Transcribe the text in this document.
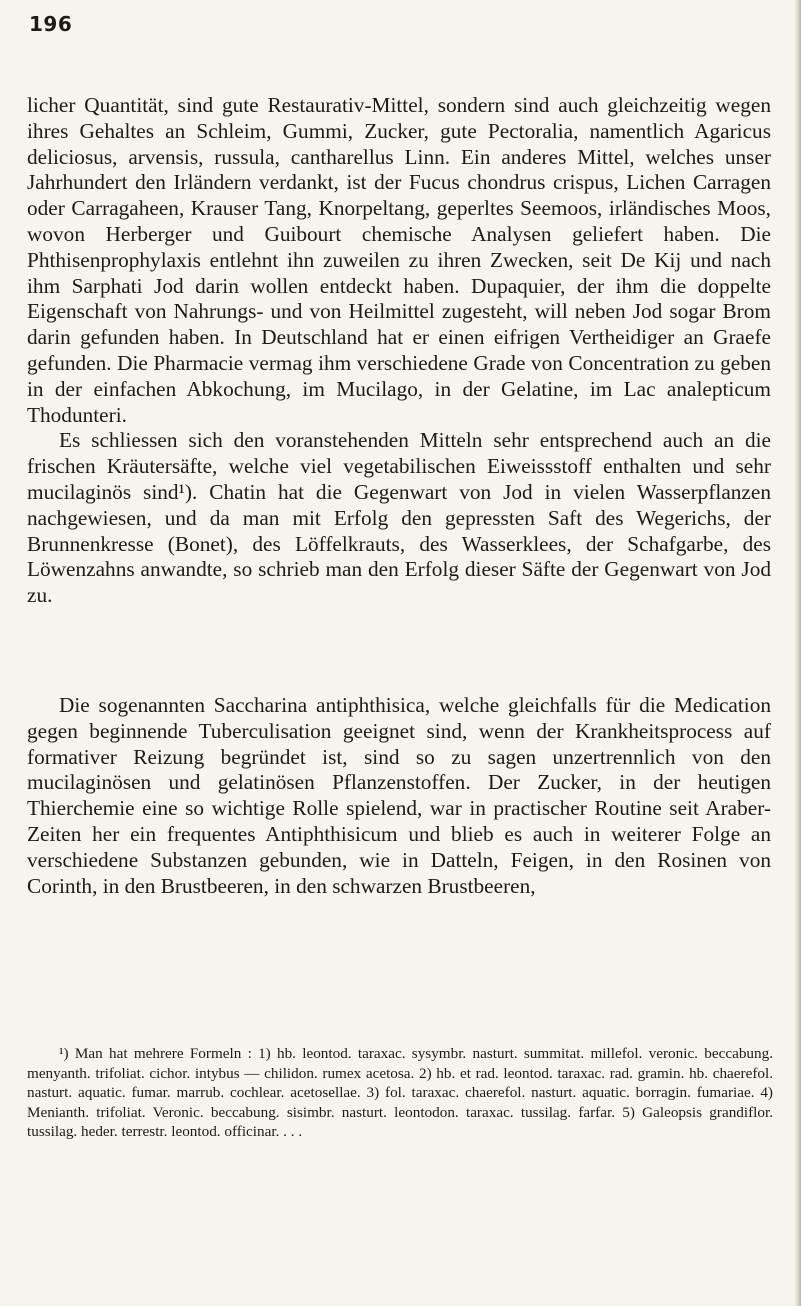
196

licher Quantität, sind gute Restaurativ-Mittel, sondern sind auch gleichzeitig wegen ihres Gehaltes an Schleim, Gummi, Zucker, gute Pectoralia, namentlich Agaricus deliciosus, arvensis, russula, cantharellus Linn. Ein anderes Mittel, welches unser Jahrhundert den Irländern verdankt, ist der Fucus chondrus crispus, Lichen Carragen oder Carragaheen, Krauser Tang, Knorpeltang, geperltes Seemoos, irländisches Moos, wovon Herberger und Guibourt chemische Analysen geliefert haben. Die Phthisenprophylaxis entlehnt ihn zuweilen zu ihren Zwecken, seit De Kij und nach ihm Sarphati Jod darin wollen entdeckt haben. Dupaquier, der ihm die doppelte Eigenschaft von Nahrungs- und von Heilmittel zugesteht, will neben Jod sogar Brom darin gefunden haben. In Deutschland hat er einen eifrigen Vertheidiger an Graefe gefunden. Die Pharmacie vermag ihm verschiedene Grade von Concentration zu geben in der einfachen Abkochung, im Mucilago, in der Gelatine, im Lac analepticum Thodunteri.

Es schliessen sich den voranstehenden Mitteln sehr entsprechend auch an die frischen Kräutersäfte, welche viel vegetabilischen Eiweissstoff enthalten und sehr mucilaginös sind¹). Chatin hat die Gegenwart von Jod in vielen Wasserpflanzen nachgewiesen, und da man mit Erfolg den gepressten Saft des Wegerichs, der Brunnenkresse (Bonet), des Löffelkrauts, des Wasserklees, der Schafgarbe, des Löwenzahns anwandte, so schrieb man den Erfolg dieser Säfte der Gegenwart von Jod zu.

Die sogenannten Saccharina antiphthisica, welche gleichfalls für die Medication gegen beginnende Tuberculisation geeignet sind, wenn der Krankheitsprocess auf formativer Reizung begründet ist, sind so zu sagen unzertrennlich von den mucilaginösen und gelatinösen Pflanzenstoffen. Der Zucker, in der heutigen Thierchemie eine so wichtige Rolle spielend, war in practischer Routine seit Araber-Zeiten her ein frequentes Antiphthisicum und blieb es auch in weiterer Folge an verschiedene Substanzen gebunden, wie in Datteln, Feigen, in den Rosinen von Corinth, in den Brustbeeren, in den schwarzen Brustbeeren,

¹) Man hat mehrere Formeln : 1) hb. leontod. taraxac. sysymbr. nasturt. summitat. millefol. veronic. beccabung. menyanth. trifoliat. cichor. intybus — chilidon. rumex acetosa. 2) hb. et rad. leontod. taraxac. rad. gramin. hb. chaerefol. nasturt. aquatic. fumar. marrub. cochlear. acetosellae. 3) fol. taraxac. chaerefol. nasturt. aquatic. borragin. fumariae. 4) Menianth. trifoliat. Veronic. beccabung. sisimbr. nasturt. leontodon. taraxac. tussilag. farfar. 5) Galeopsis grandiflor. tussilag. heder. terrestr. leontod. officinar. . . .
